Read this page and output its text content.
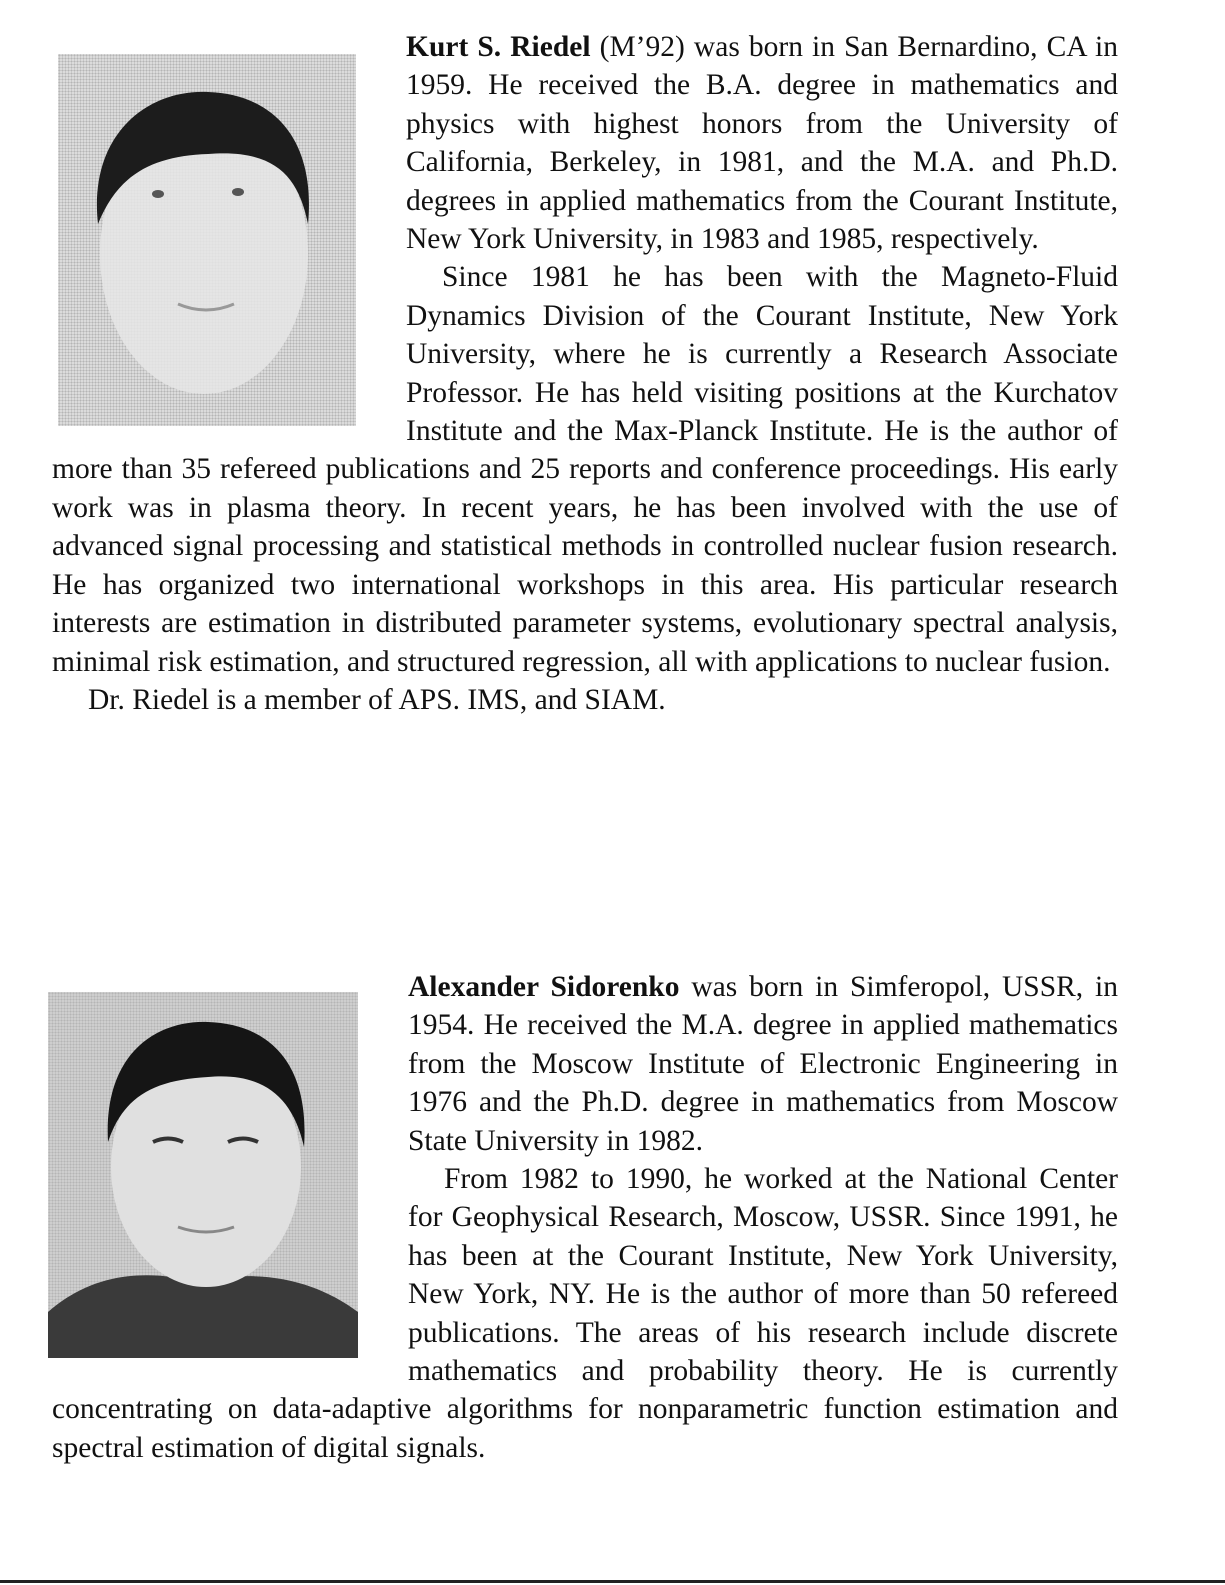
Kurt S. Riedel (M’92) was born in San Bernardino, CA in 1959. He received the B.A. degree in mathematics and physics with highest honors from the University of California, Berkeley, in 1981, and the M.A. and Ph.D. degrees in applied mathematics from the Courant Institute, New York University, in 1983 and 1985, respectively.

Since 1981 he has been with the Magneto-Fluid Dynamics Division of the Courant Institute, New York University, where he is currently a Research Associate Professor. He has held visiting positions at the Kurchatov Institute and the Max-Planck Institute. He is the author of more than 35 refereed publications and 25 reports and conference proceedings. His early work was in plasma theory. In recent years, he has been involved with the use of advanced signal processing and statistical methods in controlled nuclear fusion research. He has organized two international workshops in this area. His particular research interests are estimation in distributed parameter systems, evolutionary spectral analysis, minimal risk estimation, and structured regression, all with applications to nuclear fusion.

Dr. Riedel is a member of APS. IMS, and SIAM.

Alexander Sidorenko was born in Simferopol, USSR, in 1954. He received the M.A. degree in applied mathematics from the Moscow Institute of Electronic Engineering in 1976 and the Ph.D. degree in mathematics from Moscow State University in 1982.

From 1982 to 1990, he worked at the National Center for Geophysical Research, Moscow, USSR. Since 1991, he has been at the Courant Institute, New York University, New York, NY. He is the author of more than 50 refereed publications. The areas of his research include discrete mathematics and probability theory. He is currently concentrating on data-adaptive algorithms for nonparametric function estimation and spectral estimation of digital signals.
